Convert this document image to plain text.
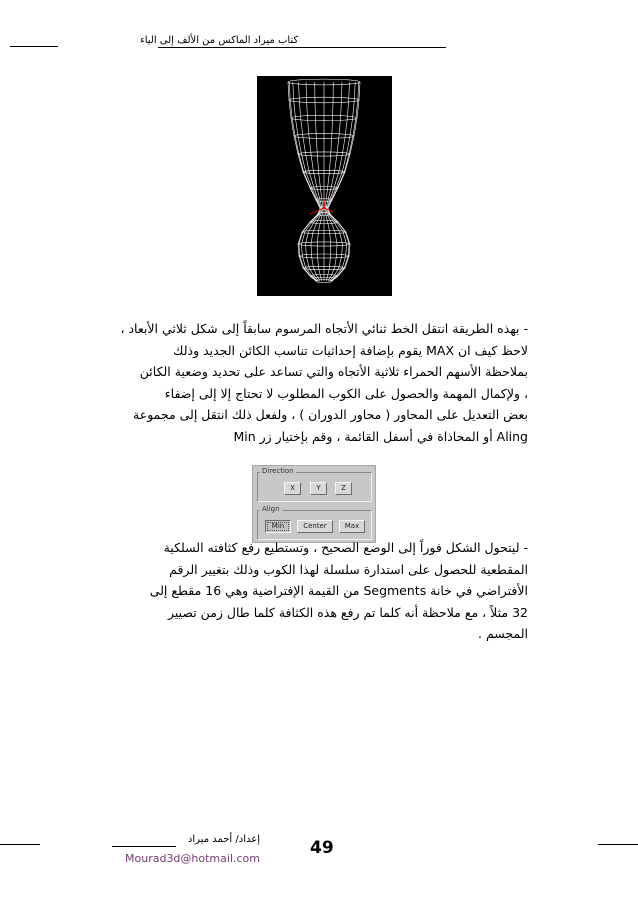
كتاب ميراد الماكس من الألف إلى الياء

- بهذه الطريقة انتقل الخط ثنائي الأتجاه المرسوم سابقاً إلى شكل ثلاثي الأبعاد ،

لاحظ كيف ان MAX يقوم بإضافة إحداثيات تناسب الكائن الجديد وذلك

بملاحظة الأسهم الحمراء ثلاثية الأتجاه والتي تساعد على تحديد وضعية الكائن

، ولإكمال المهمة والحصول على الكوب المطلوب لا تحتاج إلا إلى إضفاء

بعض التعديل على المحاور ( محاور الدوران ) ، ولفعل ذلك انتقل إلى مجموعة

Aling أو المحاذاة في أسفل القائمة ، وقم بإختيار زر Min

Direction
X	Y	Z
Align
Min	Center	Max

- ليتحول الشكل فوراً إلى الوضع الصحيح ، وتستطيع رفع كثافته السلكية

المقطعية للحصول على استدارة سلسلة لهذا الكوب وذلك بتغيير الرقم

الأفتراضي في خانة Segments من القيمة الإفتراضية وهي 16 مقطع إلى

32 مثلاً ، مع ملاحظة أنه كلما تم رفع هذه الكثافة كلما طال زمن تصيير

المجسم .

إعداد/ أحمد ميراد
Mourad3d@hotmail.com
49
